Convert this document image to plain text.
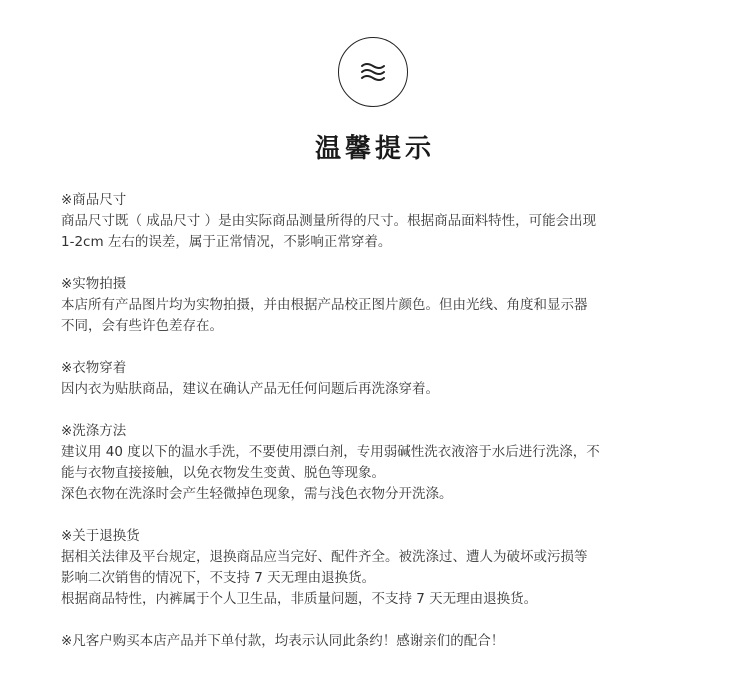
温馨提示
※商品尺寸
商品尺寸既（ 成品尺寸 ）是由实际商品测量所得的尺寸。根据商品面料特性，可能会出现
1-2cm 左右的误差，属于正常情况，不影响正常穿着。
※实物拍摄
本店所有产品图片均为实物拍摄，并由根据产品校正图片颜色。但由光线、角度和显示器
不同，会有些许色差存在。
※衣物穿着
因内衣为贴肤商品，建议在确认产品无任何问题后再洗涤穿着。
※洗涤方法
建议用 40 度以下的温水手洗，不要使用漂白剂，专用弱碱性洗衣液溶于水后进行洗涤，不
能与衣物直接接触，以免衣物发生变黄、脱色等现象。
深色衣物在洗涤时会产生轻微掉色现象，需与浅色衣物分开洗涤。
※关于退换货
据相关法律及平台规定，退换商品应当完好、配件齐全。被洗涤过、遭人为破坏或污损等
影响二次销售的情况下，不支持 7 天无理由退换货。
根据商品特性，内裤属于个人卫生品，非质量问题，不支持 7 天无理由退换货。
※凡客户购买本店产品并下单付款，均表示认同此条约！感谢亲们的配合！
